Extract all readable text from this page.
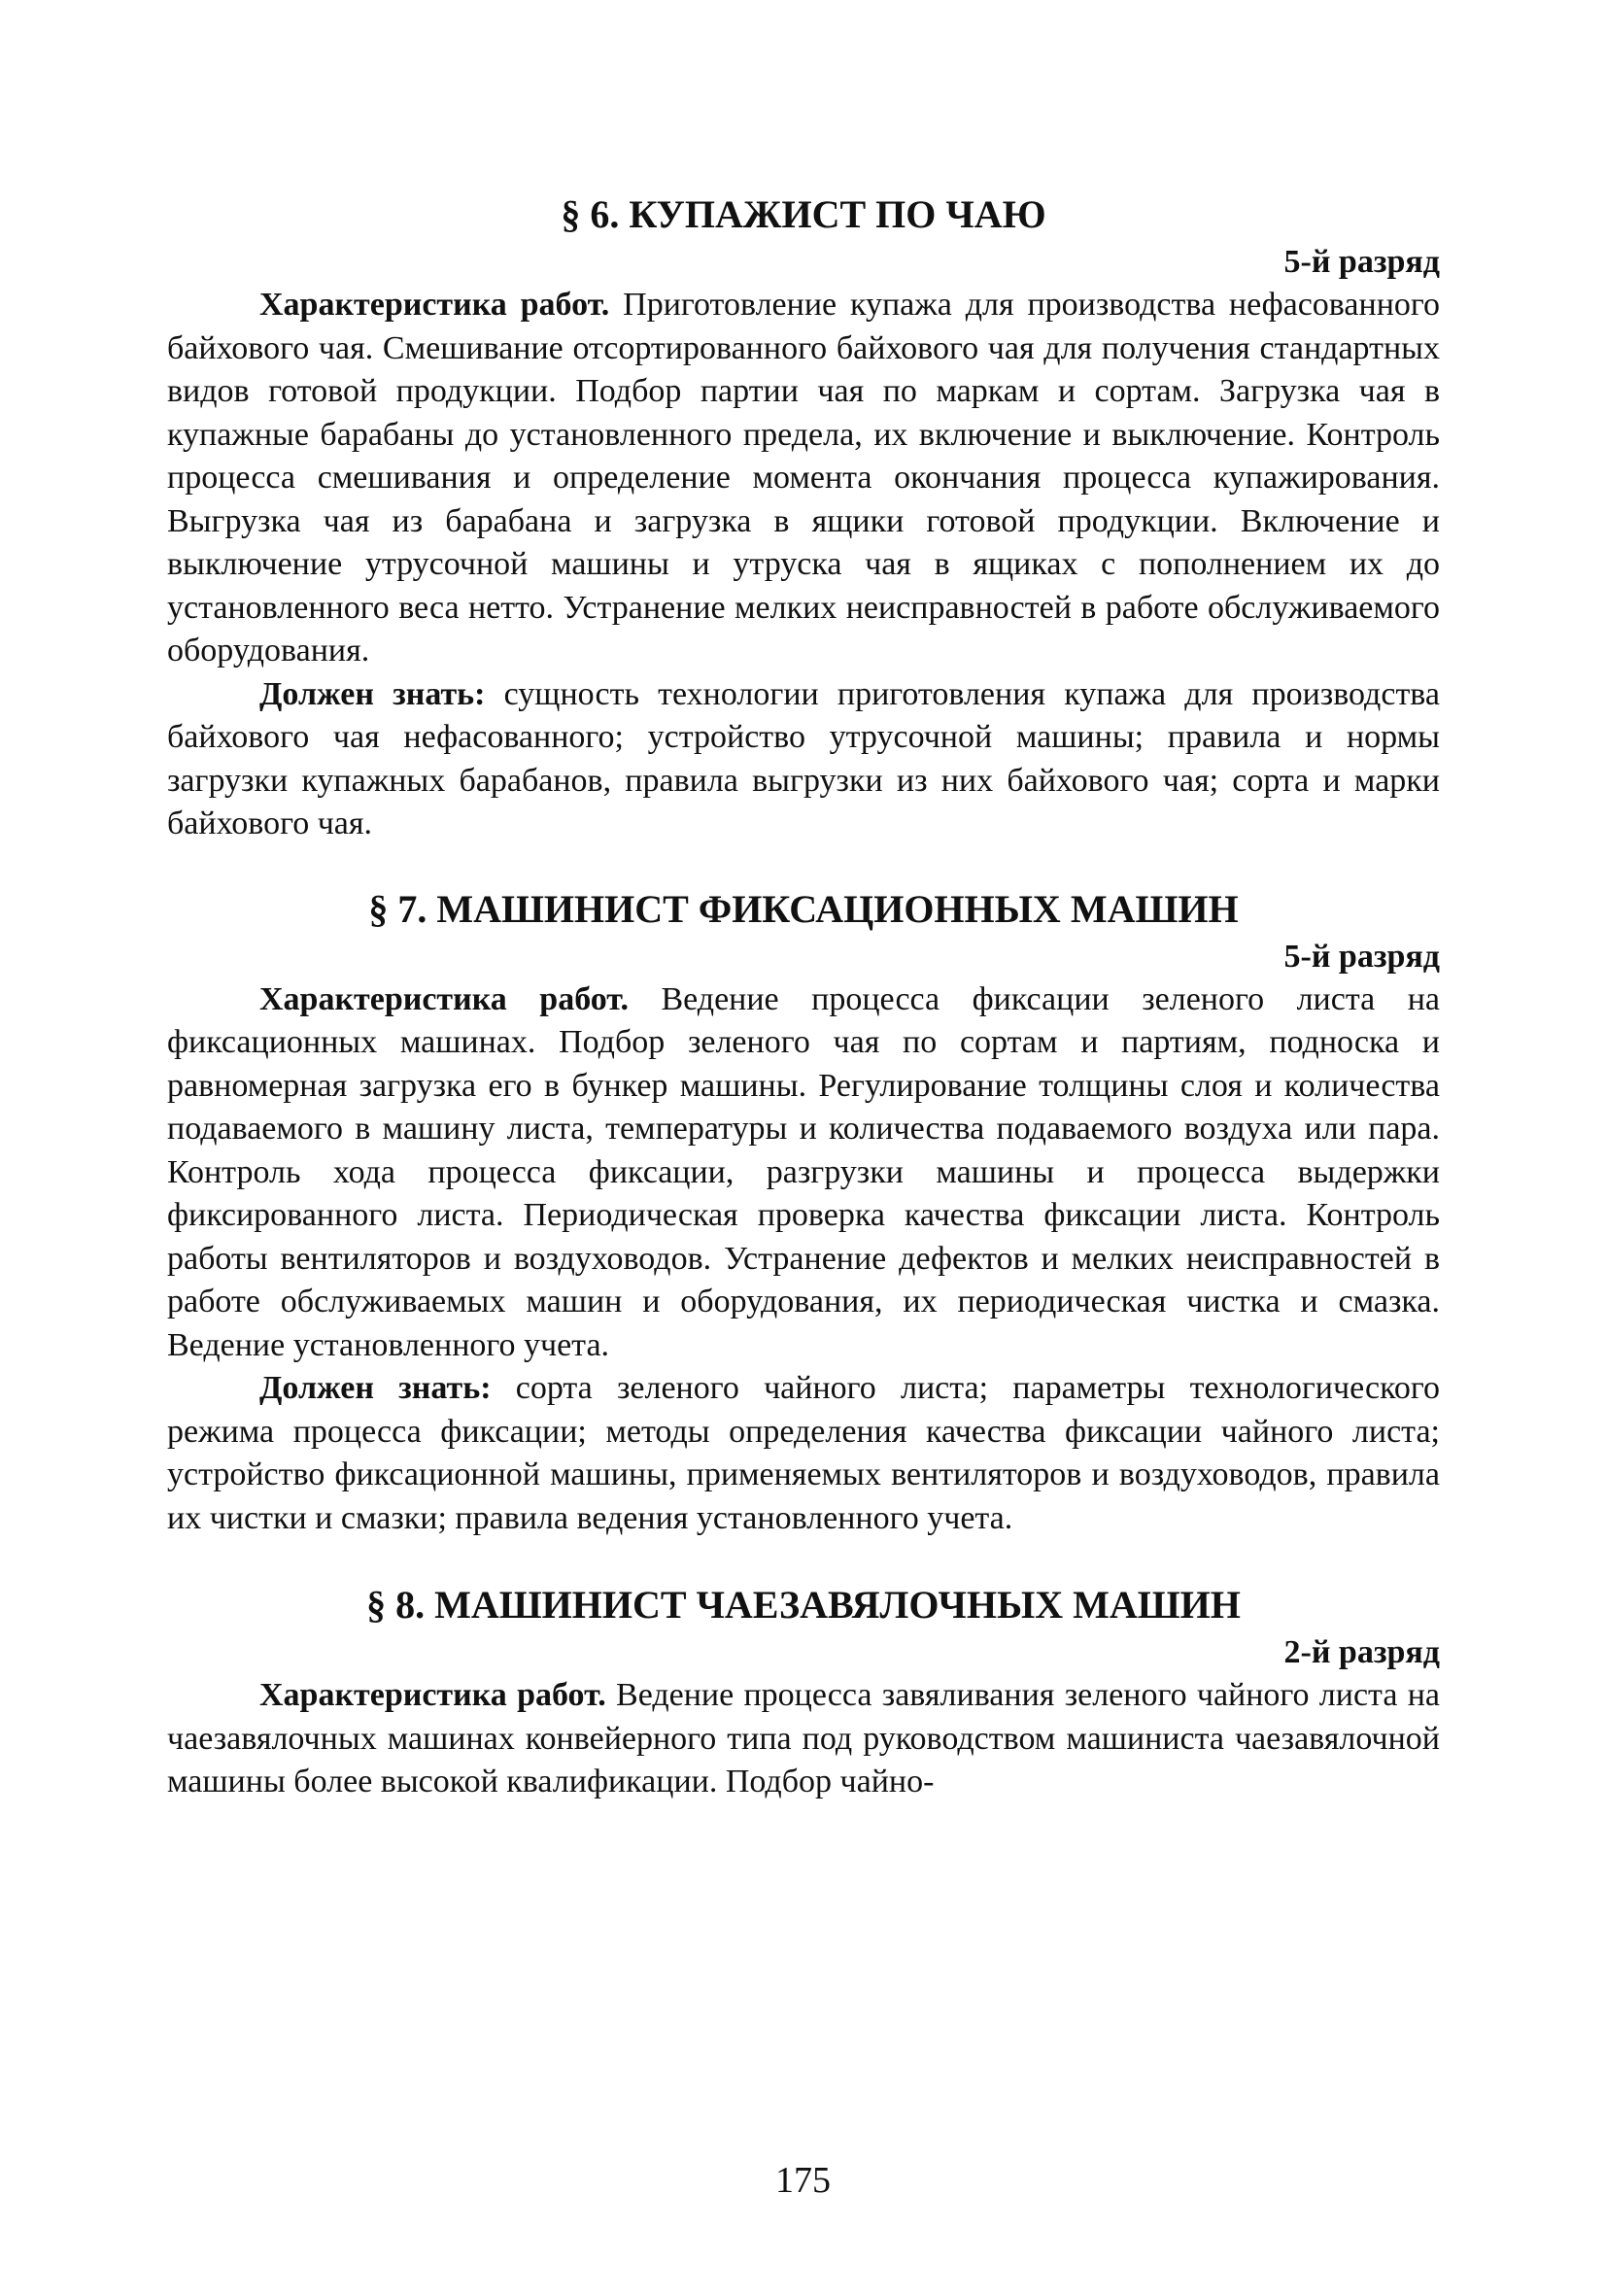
§ 6. КУПАЖИСТ ПО ЧАЮ
5-й разряд

Характеристика работ. Приготовление купажа для производства нефасованного байхового чая. Смешивание отсортированного байхового чая для получения стандартных видов готовой продукции. Подбор партии чая по маркам и сортам. Загрузка чая в купажные барабаны до установленного предела, их включение и выключение. Контроль процесса смешивания и определение момента окончания процесса купажирования. Выгрузка чая из барабана и загрузка в ящики готовой продукции. Включение и выключение утрусочной машины и утруска чая в ящиках с пополнением их до установленного веса нетто. Устранение мелких неисправностей в работе обслуживаемого оборудования.

Должен знать: сущность технологии приготовления купажа для производства байхового чая нефасованного; устройство утрусочной машины; правила и нормы загрузки купажных барабанов, правила выгрузки из них байхового чая; сорта и марки байхового чая.

§ 7. МАШИНИСТ ФИКСАЦИОННЫХ МАШИН
5-й разряд

Характеристика работ. Ведение процесса фиксации зеленого листа на фиксационных машинах. Подбор зеленого чая по сортам и партиям, подноска и равномерная загрузка его в бункер машины. Регулирование толщины слоя и количества подаваемого в машину листа, температуры и количества подаваемого воздуха или пара. Контроль хода процесса фиксации, разгрузки машины и процесса выдержки фиксированного листа. Периодическая проверка качества фиксации листа. Контроль работы вентиляторов и воздуховодов. Устранение дефектов и мелких неисправностей в работе обслуживаемых машин и оборудования, их периодическая чистка и смазка. Ведение установленного учета.

Должен знать: сорта зеленого чайного листа; параметры технологического режима процесса фиксации; методы определения качества фиксации чайного листа; устройство фиксационной машины, применяемых вентиляторов и воздуховодов, правила их чистки и смазки; правила ведения установленного учета.

§ 8. МАШИНИСТ ЧАЕЗАВЯЛОЧНЫХ МАШИН
2-й разряд

Характеристика работ. Ведение процесса завяливания зеленого чайного листа на чаезавялочных машинах конвейерного типа под руководством машиниста чаезавялочной машины более высокой квалификации. Подбор чайно-

175
